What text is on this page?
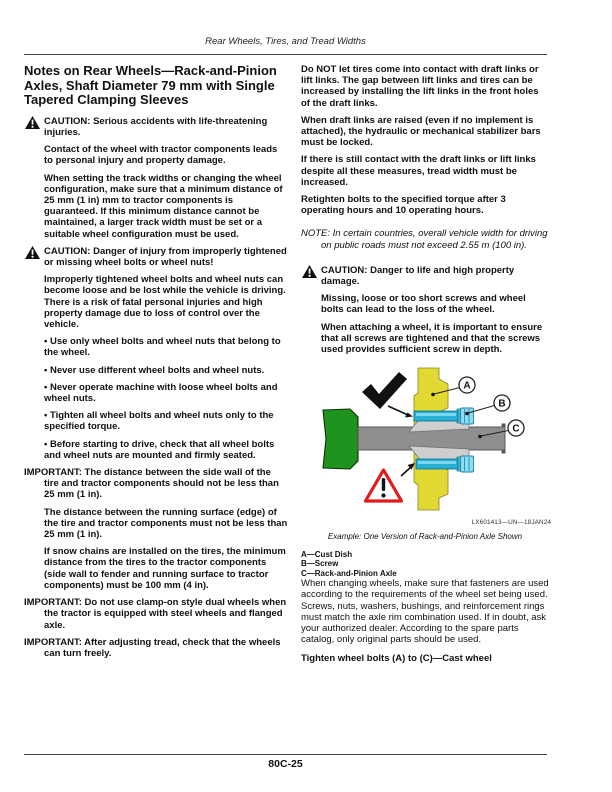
Rear Wheels, Tires, and Tread Widths
Notes on Rear Wheels—Rack-and-Pinion Axles, Shaft Diameter 79 mm with Single Tapered Clamping Sleeves

CAUTION: Serious accidents with life-threatening injuries.

Contact of the wheel with tractor components leads to personal injury and property damage.

When setting the track widths or changing the wheel configuration, make sure that a minimum distance of 25 mm (1 in) mm to tractor components is guaranteed. If this minimum distance cannot be maintained, a larger track width must be set or a suitable wheel configuration must be used.

CAUTION: Danger of injury from improperly tightened or missing wheel bolts or wheel nuts!

Improperly tightened wheel bolts and wheel nuts can become loose and be lost while the vehicle is driving. There is a risk of fatal personal injuries and high property damage due to loss of control over the vehicle.

• Use only wheel bolts and wheel nuts that belong to the wheel.

• Never use different wheel bolts and wheel nuts.

• Never operate machine with loose wheel bolts and wheel nuts.

• Tighten all wheel bolts and wheel nuts only to the specified torque.

• Before starting to drive, check that all wheel bolts and wheel nuts are mounted and firmly seated.

IMPORTANT: The distance between the side wall of the tire and tractor components should not be less than 25 mm (1 in).

The distance between the running surface (edge) of the tire and tractor components must not be less than 25 mm (1 in).

If snow chains are installed on the tires, the minimum distance from the tires to the tractor components (side wall to fender and running surface to tractor components) must be 100 mm (4 in).

IMPORTANT: Do not use clamp-on style dual wheels when the tractor is equipped with steel wheels and flanged axle.

IMPORTANT: After adjusting tread, check that the wheels can turn freely.

Do NOT let tires come into contact with draft links or lift links. The gap between lift links and tires can be increased by installing the lift links in the front holes of the draft links.

When draft links are raised (even if no implement is attached), the hydraulic or mechanical stabilizer bars must be locked.

If there is still contact with the draft links or lift links despite all these measures, tread width must be increased.

Retighten bolts to the specified torque after 3 operating hours and 10 operating hours.

NOTE: In certain countries, overall vehicle width for driving on public roads must not exceed 2.55 m (100 in).

CAUTION: Danger to life and high property damage.

Missing, loose or too short screws and wheel bolts can lead to the loss of the wheel.

When attaching a wheel, it is important to ensure that all screws are tightened and that the screws used provides sufficient screw in depth.

A
B
C
LX601413—UN—18JAN24
Example: One Version of Rack-and-Pinion Axle Shown
A—Cust Dish
B—Screw
C—Rack-and-Pinion Axle

When changing wheels, make sure that fasteners are used according to the requirements of the wheel set being used. Screws, nuts, washers, bushings, and reinforcement rings must match the axle rim combination used. If in doubt, ask your authorized dealer. According to the spare parts catalog, only original parts should be used.

Tighten wheel bolts (A) to (C)—Cast wheel

80C-25
